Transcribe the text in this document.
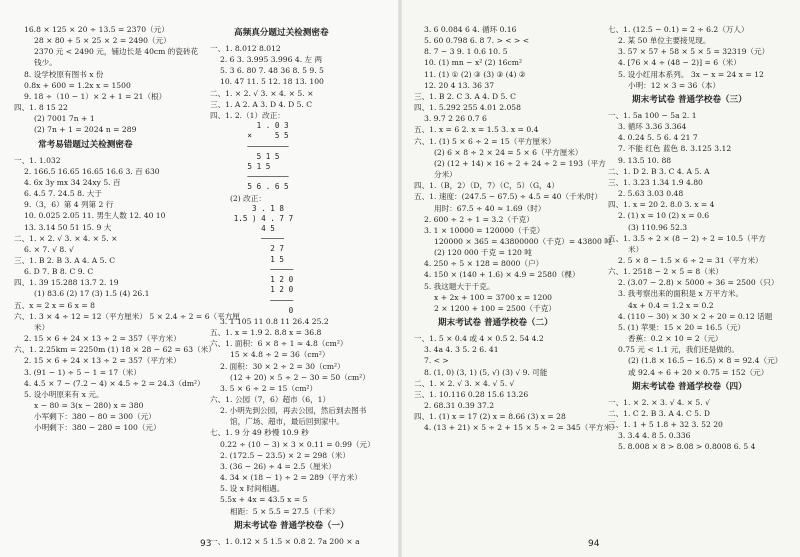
16.8 × 125 × 20 ÷ 13.5 = 2370（元）
28 × 80 + 5 × 25 × 2 = 2490（元）
2370 元 < 2490 元，铺边长是 40cm 的瓷砖花
钱少。
8. 设学校原有图书 x 份
0.8x + 600 = 1.2x x = 1500
9. 18 ÷（10 − 1）× 2 + 1 = 21（根）
四、1. 8 15 22
(2) 7001 7n + 1
(2) 7n + 1 = 2024 n = 289
常考易错题过关检测密卷
一、1. 1.032
2. 166.5 16.65 16.65 16.6 3. 百 630
4. 6x 3y mx 34 24xy 5. 百
6. 4.5 7. 24.5 8. 大于
9.（3，6）第 4 列第 2 行
10. 0.025 2.05 11. 男生人数 12. 40 10
13. 3.14 50 51 15. 9 大
二、1. × 2. √ 3. × 4. × 5. ×
6. × 7. √ 8. √
三、1. B 2. B 3. A 4. A 5. C
6. D 7. B 8. C 9. C
四、1. 39 15.288 13.7 2. 19
(1) 83.6 (2) 17 (3) 1.5 (4) 26.1
五、x = 2 x = 6 x = 8
六、1. 3 × 4 ÷ 12 = 12（平方厘米） 5 × 2.4 ÷ 2 = 6（平方厘
米）
2. 15 × 6 + 24 × 13 ÷ 2 = 357（平方米）
六、1. 2.25km = 2250m (1) 18 × 28 − 62 = 63（米）
2. 15 × 6 + 24 × 13 ÷ 2 = 357（平方米）
3. (91 − 1) ÷ 5 − 1 = 17（米）
4. 4.5 × 7 − (7.2 − 4) × 4.5 ÷ 2 = 24.3（dm²）
5. 设小明原来有 x 元。
x − 80 = 3(x − 280) x = 380
小军剩下：380 − 80 = 300（元）
小明剩下：380 − 280 = 100（元）
高频真分题过关检测密卷
一、1. 8.012 8.012
2. 6 3. 3.995 3.996 4. 左 两
5. 3 6. 80 7. 48 36 8. 5 9. 5
10. 47 11. 5 12. 18 13. 100
二、1. × 2. √ 3. × 4. × 5. ×
三、1. A 2. A 3. D 4. D 5. C
四、1. 2.（1）改正：
1 . 0 3
×     5 5
─────────
5 1 5
5 1 5
─────────
5 6 . 6 5
(2) 改正：
3 . 1 8
1.5 ) 4 . 7 7
4 5
─────
2 7
1 5
─────
1 2 0
1 2 0
─────
0
3. 1 105 11 0.8 11 26.4 25.2
五、1. x = 1.9 2. 8.8 x = 36.8
六、1. 面积：6 × 8 ÷ 1 ≈ 4.8（cm²）
15 × 4.8 ÷ 2 = 36（cm²）
2. 面积：30 × 2 ÷ 2 = 30（cm²）
(12 + 20) × 5 ÷ 2 − 30 = 50（cm²）
3. 5 × 6 ÷ 2 = 15（cm²）
六、1. 公园（7，6）超市（6，1）
2. 小明先到公园，再去公园，然后到去图书
馆，广场、超市，最后回到家中。
七、1. 9 分 49 秒慢 10.9 秒
0.22 ÷ (10 − 3) × 3 × 0.11 = 0.99（元）
2. (172.5 − 23.5) × 2 = 298（米）
3. (36 − 26) ÷ 4 = 2.5（厘米）
4. 34 × (18 − 1) ÷ 2 = 289（平方米）
5. 设 x 时间相遇。
5.5x + 4x = 43.5 x = 5
相距：5 × 5.5 = 27.5（千米）
期末考试卷 普通学校卷（一）
一、1. 0.12 × 5 1.5 × 0.8 2. 7a 200 × a
3. 6 0.084 6 4. 循环 0.16
5. 60 0.798 6. 8 7. > < > <
8. 7 − 3 9. 1 0.6 10. 5
10. (1) mn − x² (2) 16cm²
11. (1) ① (2) ③ (3) ③ (4) ②
12. 20 4 13. 36 37
三、1. B 2. C 3. A 4. D 5. C
四、1. 5.292 255 4.01 2.058
3. 9.7 2 26 0.7 6
五、1. x = 6 2. x = 1.5 3. x = 0.4
六、1. (1) 5 × 6 ÷ 2 = 15（平方厘米）
(2) 6 × 8 ÷ 2 × 24 = 5 × 6（平方厘米）
(2) (12 + 14) × 16 ÷ 2 + 24 ÷ 2 = 193（平方
分米）
四、1.（B，2）（D，7）（C，5）（G，4）
五、1. 速度：(247.5 − 67.5) ÷ 4.5 = 40（千米/时）
用时：67.5 ÷ 40 ≈ 1.69（时）
2. 600 ÷ 2 ÷ 1 = 3.2（千克）
3. 1 × 10000 = 120000（千克）
120000 × 365 = 43800000（千克）= 43800 吨
(2) 120 000 千克 = 120 吨
4. 250 ÷ 5 × 128 = 8000（户）
4. 150 × (140 + 1.6) × 4.9 = 2580（棵）
5. 我这题大于千克。
x + 2x + 100 = 3700 x = 1200
2 × 1200 + 100 = 2500（千克）
期末考试卷 普通学校卷（二）
一、1. 5 × 0.4 或 4 × 0.5 2. 54 4.2
3. 4a 4. 3 5. 2 6. 41
7. < >
8. (1, 0) (3, 1) (5, √) (3) √ 9. 可能
二、1. × 2. √ 3. × 4. √ 5. √
三、1. 10.116 0.28 15.6 13.26
2. 68.31 0.39 37.2
四、1. (1) x = 17 (2) x = 8.66 (3) x = 28
4. (13 + 21) × 5 ÷ 2 + 15 × 5 ÷ 2 = 345（平方米）
七、1. (12.5 − 0.1) = 2 ÷ 6.2（万人）
2. 某 50 单位主要接见现。
3. 57 × 57 + 58 × 5 × 5 = 32319（元）
4. [76 × 4 ÷ (48 − 2)] = 6（米）
5. 设小红用本系列。 3x − x = 24 x = 12
小明：12 × 3 = 36（本）
期末考试卷 普通学校卷（三）
一、1. 5a 100 − 5a 2. 1
3. 循环 3.36 3.364
4. 0.24 5. 5 6. 4 21 7
7. 不能 红色 蓝色 8. 3.125 3.12
9. 13.5 10. 88
二、1. D 2. B 3. C 4. A 5. A
三、1. 3.23 1.34 1.9 4.80
2. 5.63 3.03 0.48
四、1. x = 20 2. 8.0 3. x = 4
2. (1) x = 10 (2) x = 0.6
(3) 110.96 52.3
五、1. 3.5 ÷ 2 × (8 − 2) ÷ 2 = 10.5（平方
米）
2. 5 × 8 − 1.5 × 6 ÷ 2 = 31（平方米）
六、1. 2518 − 2 × 5 = 8（米）
2. (3.07 − 2.8) × 5000 ÷ 36 = 2500（只）
3. 我考察出来的面积是 x 万平方米。
4x + 0.4 = 1.2 x = 0.2
4. (110 − 30) × 30 × 2 ÷ 20 = 0.12 话题
5. (1) 苹果：15 × 20 = 16.5（元）
香蕉：0.2 × 10 = 2（元）
0.75 元 < 1.1 元，我们还是做的。
(2) (1.8 × 16.5 − 16.5) × 8 = 92.4（元）
或 92.4 ÷ 6 + 20 × 0.75 = 152（元）
期末考试卷 普通学校卷（四）
一、1. × 2. × 3. √ 4. × 5. √
二、1. C 2. B 3. A 4. C 5. D
三、1. 1 + 5 1.8 + 32 3. 52 20
3. 3.4 4. 8 5. 0.336
5. 8.008 × 8 > 8.08 > 0.8008 6. 5 4
93	94
